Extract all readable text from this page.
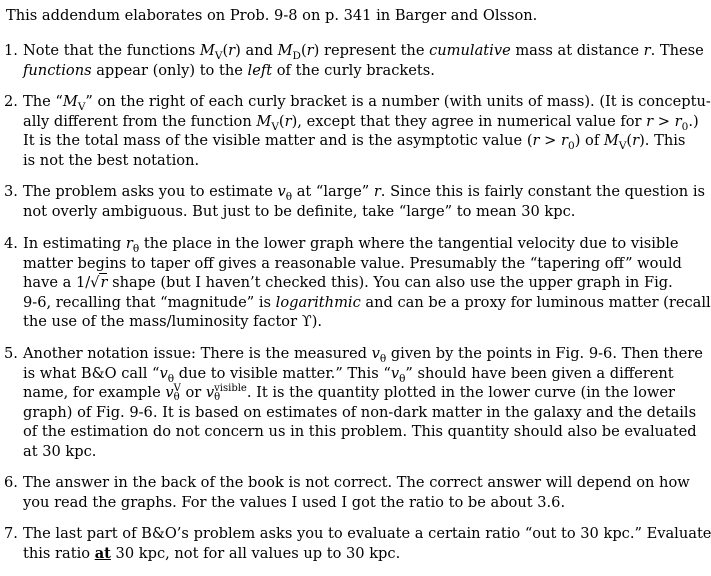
This addendum elaborates on Prob. 9-8 on p. 341 in Barger and Olsson.
1. Note that the functions $M_V(r)$ and $M_D(r)$ represent the cumulative mass at distance r. These
functions appear (only) to the left of the curly brackets.
2. The “$M_V$” on the right of each curly bracket is a number (with units of mass). (It is conceptu-
ally different from the function $M_V(r)$, except that they agree in numerical value for $r > r_0$.)
It is the total mass of the visible matter and is the asymptotic value $(r > r_0)$ of $M_V(r)$. This
is not the best notation.
3. The problem asks you to estimate $v_\theta$ at “large” r. Since this is fairly constant the question is
not overly ambiguous. But just to be definite, take “large” to mean 30 kpc.
4. In estimating $r_\theta$ the place in the lower graph where the tangential velocity due to visible
matter begins to taper off gives a reasonable value. Presumably the “tapering off” would
have a 1/√r shape (but I haven’t checked this). You can also use the upper graph in Fig.
9-6, recalling that “magnitude” is logarithmic and can be a proxy for luminous matter (recall
the use of the mass/luminosity factor ϒ).
5. Another notation issue: There is the measured $v_\theta$ given by the points in Fig. 9-6. Then there
is what B&O call “$v_\theta$ due to visible matter.” This “$v_\theta$” should have been given a different
name, for example v V
θ or v visible
θ	. It is the quantity plotted in the lower curve (in the lower
graph) of Fig. 9-6. It is based on estimates of non-dark matter in the galaxy and the details
of the estimation do not concern us in this problem. This quantity should also be evaluated
at 30 kpc.
6. The answer in the back of the book is not correct. The correct answer will depend on how
you read the graphs. For the values I used I got the ratio to be about 3.6.
7. The last part of B&O’s problem asks you to evaluate a certain ratio “out to 30 kpc.” Evaluate
this ratio at 30 kpc, not for all values up to 30 kpc.
